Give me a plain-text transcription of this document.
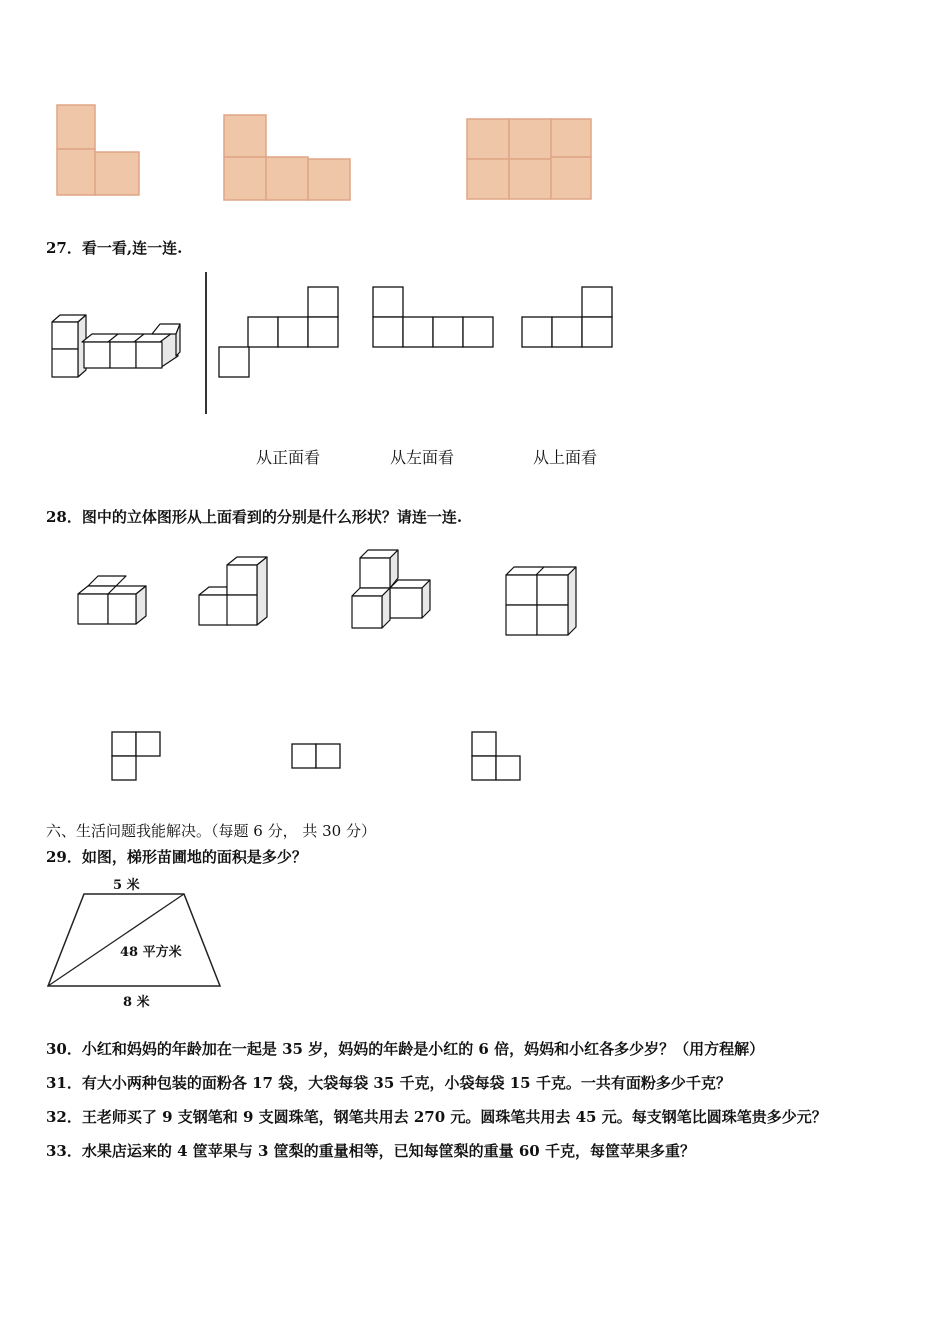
27．看一看,连一连.
从正面看	从左面看	从上面看
28．图中的立体图形从上面看到的分别是什么形状？请连一连.
六、生活问题我能解决。（每题 6 分， 共 30 分）
29．如图，梯形苗圃地的面积是多少？
5 米
48 平方米
8 米
30．小红和妈妈的年龄加在一起是 35 岁，妈妈的年龄是小红的 6 倍，妈妈和小红各多少岁？（用方程解）
31．有大小两种包装的面粉各 17 袋，大袋每袋 35 千克，小袋每袋 15 千克。一共有面粉多少千克？
32．王老师买了 9 支钢笔和 9 支圆珠笔，钢笔共用去 270 元。圆珠笔共用去 45 元。每支钢笔比圆珠笔贵多少元？
33．水果店运来的 4 筐苹果与 3 筐梨的重量相等，已知每筐梨的重量 60 千克，每筐苹果多重？
